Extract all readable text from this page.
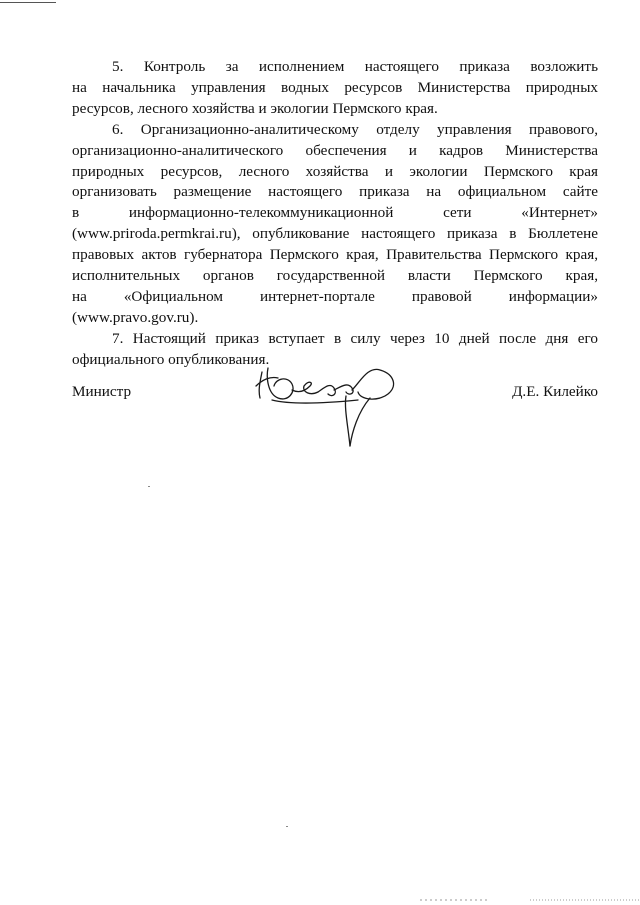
5. Контроль за исполнением настоящего приказа возложить
на начальника управления водных ресурсов Министерства природных
ресурсов, лесного хозяйства и экологии Пермского края.
6. Организационно-аналитическому отделу управления правового,
организационно-аналитического обеспечения и кадров Министерства
природных ресурсов, лесного хозяйства и экологии Пермского края
организовать размещение настоящего приказа на официальном сайте
в информационно-телекоммуникационной сети «Интернет»
(www.priroda.permkrai.ru), опубликование настоящего приказа в Бюллетене
правовых актов губернатора Пермского края, Правительства Пермского края,
исполнительных органов государственной власти Пермского края,
на «Официальном интернет-портале правовой информации»
(www.pravo.gov.ru).
7. Настоящий приказ вступает в силу через 10 дней после дня его
официального опубликования.
Министр	Д.Е. Килейко
